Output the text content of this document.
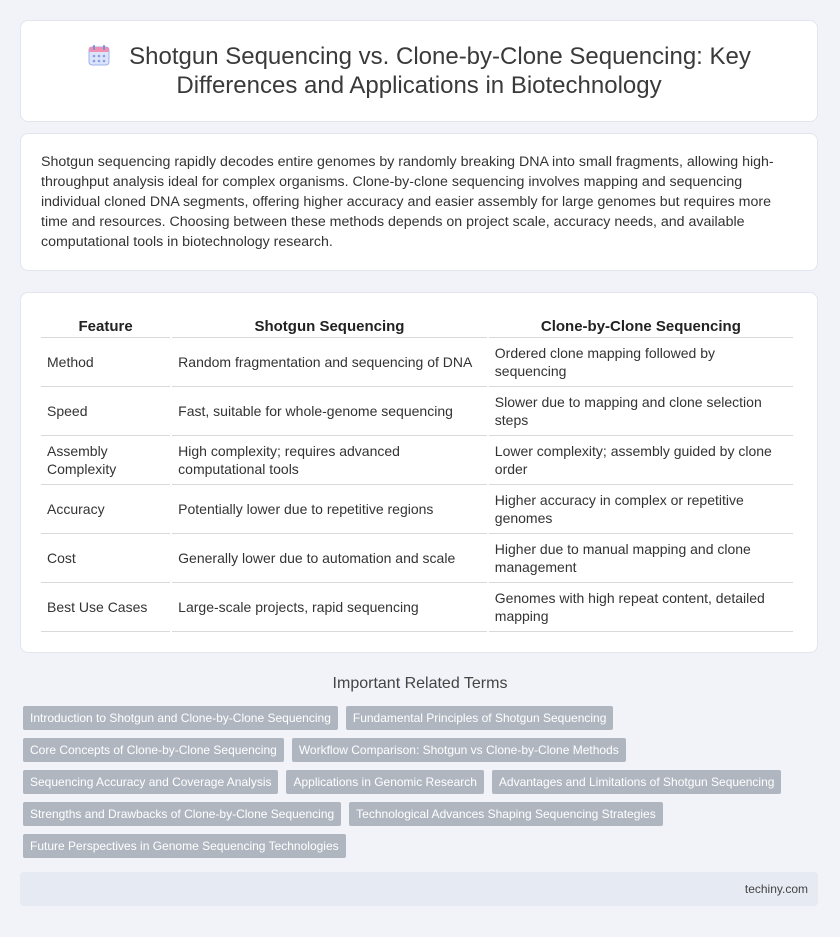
Shotgun Sequencing vs. Clone-by-Clone Sequencing: Key Differences and Applications in Biotechnology

Shotgun sequencing rapidly decodes entire genomes by randomly breaking DNA into small fragments, allowing high-throughput analysis ideal for complex organisms. Clone-by-clone sequencing involves mapping and sequencing individual cloned DNA segments, offering higher accuracy and easier assembly for large genomes but requires more time and resources. Choosing between these methods depends on project scale, accuracy needs, and available computational tools in biotechnology research.

Feature	Shotgun Sequencing	Clone-by-Clone Sequencing
Method	Random fragmentation and sequencing of DNA	Ordered clone mapping followed by sequencing
Speed	Fast, suitable for whole-genome sequencing	Slower due to mapping and clone selection steps
Assembly Complexity	High complexity; requires advanced computational tools	Lower complexity; assembly guided by clone order
Accuracy	Potentially lower due to repetitive regions	Higher accuracy in complex or repetitive genomes
Cost	Generally lower due to automation and scale	Higher due to manual mapping and clone management
Best Use Cases	Large-scale projects, rapid sequencing	Genomes with high repeat content, detailed mapping
Important Related Terms
Introduction to Shotgun and Clone-by-Clone Sequencing	Fundamental Principles of Shotgun Sequencing
Core Concepts of Clone-by-Clone Sequencing	Workflow Comparison: Shotgun vs Clone-by-Clone Methods
Sequencing Accuracy and Coverage Analysis	Applications in Genomic Research	Advantages and Limitations of Shotgun Sequencing
Strengths and Drawbacks of Clone-by-Clone Sequencing	Technological Advances Shaping Sequencing Strategies
Future Perspectives in Genome Sequencing Technologies
techiny.com
